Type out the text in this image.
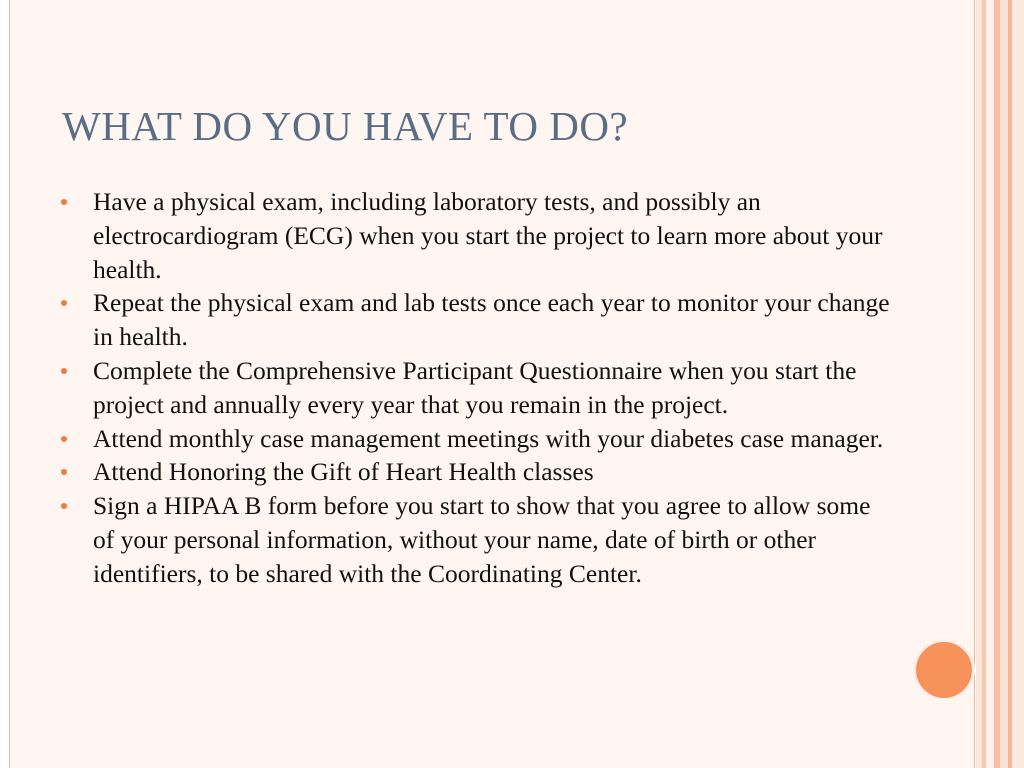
WHAT DO YOU HAVE TO DO?
Have a physical exam, including laboratory tests, and possibly an electrocardiogram (ECG) when you start the project to learn more about your health.
Repeat the physical exam and lab tests once each year to monitor your change in health.
Complete the Comprehensive Participant Questionnaire when you start the project and annually every year that you remain in the project.
Attend monthly case management meetings with your diabetes case manager.
Attend Honoring the Gift of Heart Health classes
Sign a HIPAA B form before you start to show that you agree to allow some of your personal information, without your name, date of birth or other identifiers, to be shared with the Coordinating Center.
